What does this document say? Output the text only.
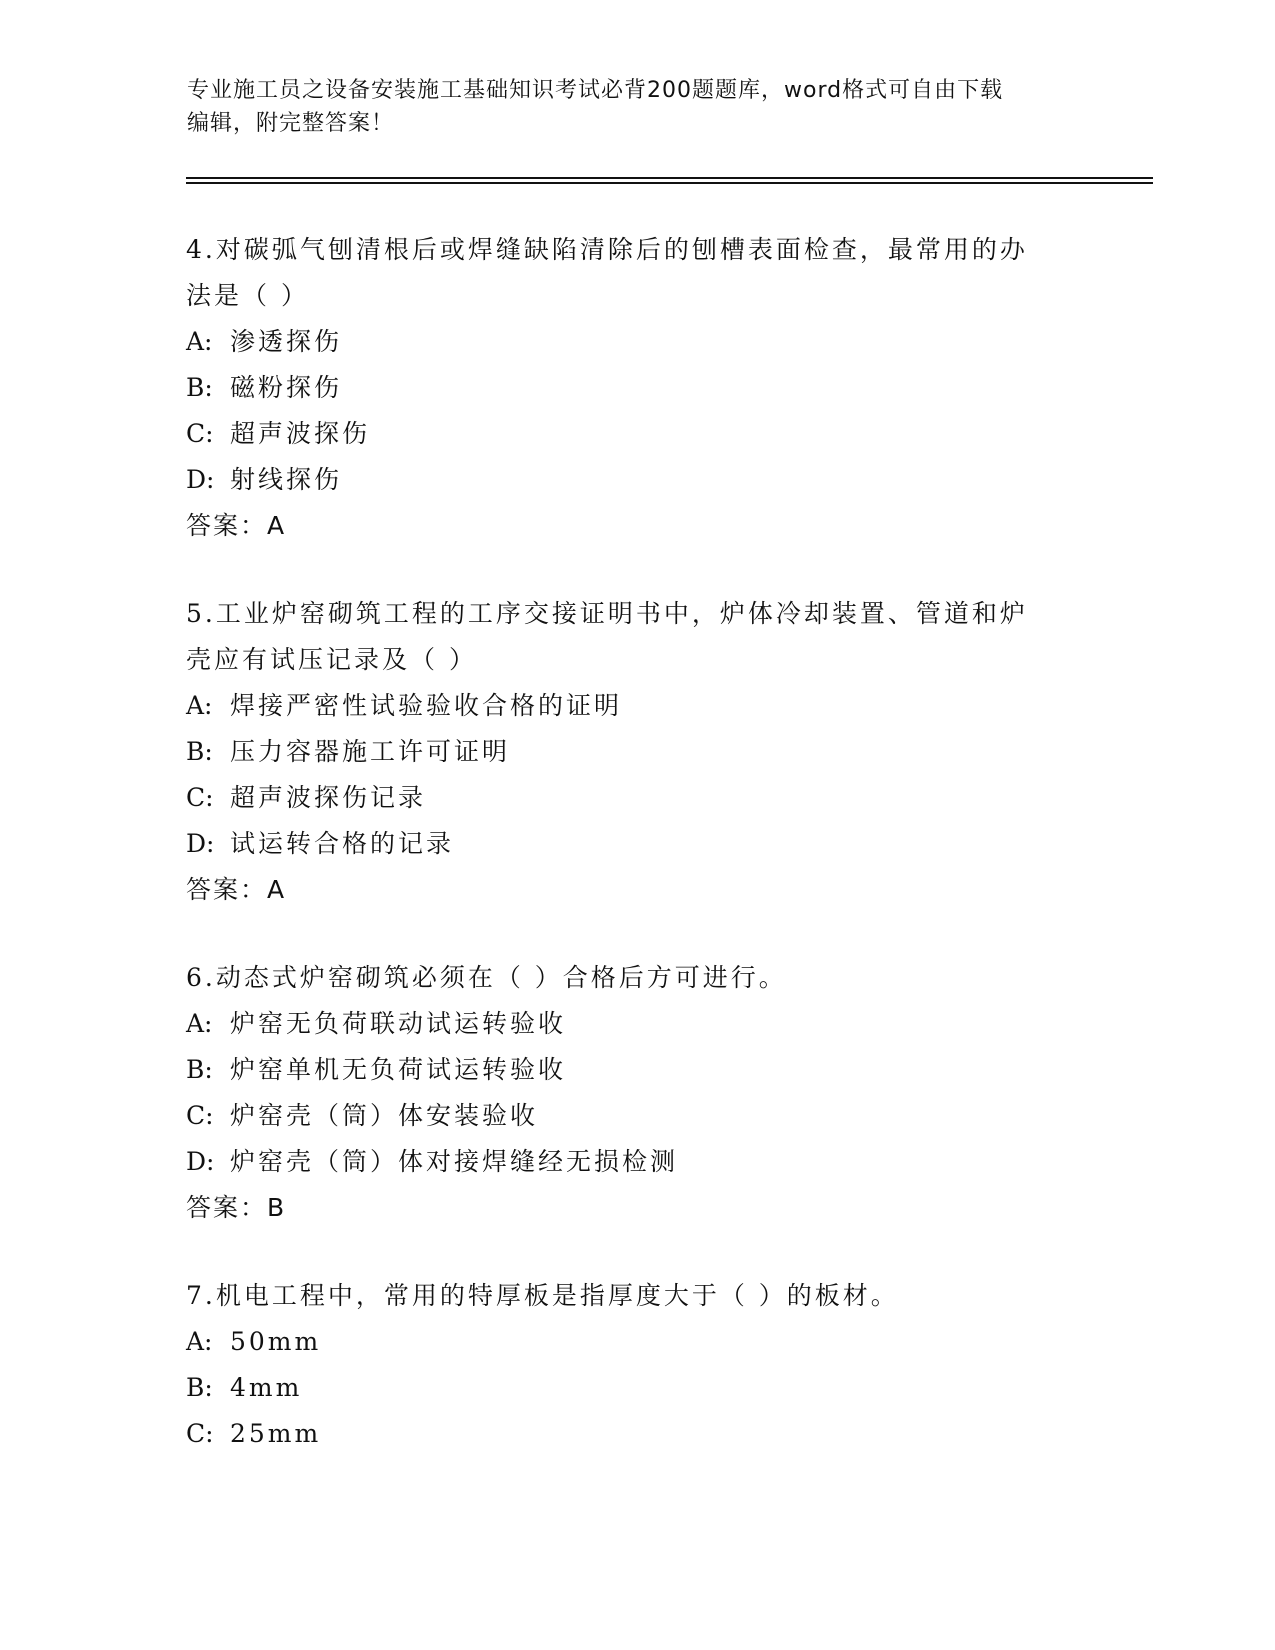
专业施工员之设备安装施工基础知识考试必背200题题库，word格式可自由下载
编辑，附完整答案！

4.对碳弧气刨清根后或焊缝缺陷清除后的刨槽表面检查，最常用的办
法是（ ）

A: 渗透探伤

B: 磁粉探伤

C: 超声波探伤

D: 射线探伤

答案：A

5.工业炉窑砌筑工程的工序交接证明书中，炉体冷却装置、管道和炉
壳应有试压记录及（ ）

A: 焊接严密性试验验收合格的证明

B: 压力容器施工许可证明

C: 超声波探伤记录

D: 试运转合格的记录

答案：A

6.动态式炉窑砌筑必须在（ ）合格后方可进行。

A: 炉窑无负荷联动试运转验收

B: 炉窑单机无负荷试运转验收

C: 炉窑壳（筒）体安装验收

D: 炉窑壳（筒）体对接焊缝经无损检测

答案：B

7.机电工程中，常用的特厚板是指厚度大于（ ）的板材。

A: 50mm

B: 4mm

C: 25mm
